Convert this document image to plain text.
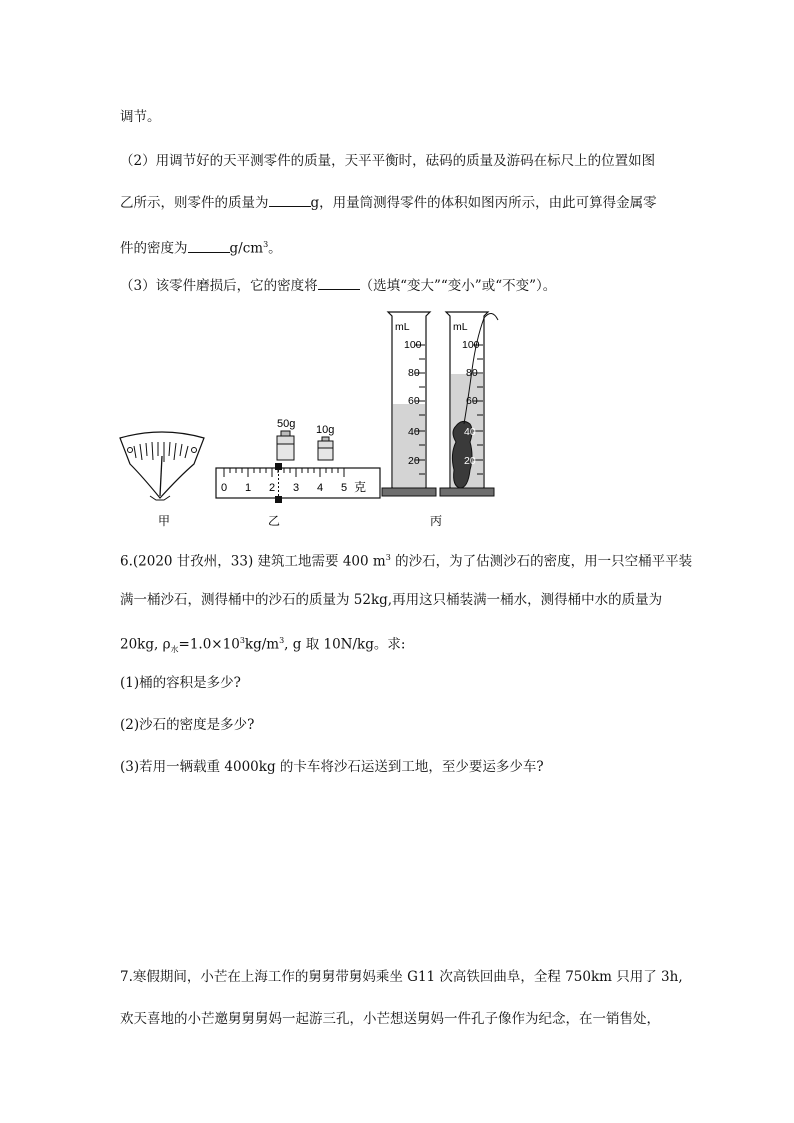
调节。
（2）用调节好的天平测零件的质量，天平平衡时，砝码的质量及游码在标尺上的位置如图
乙所示，则零件的质量为	g，用量筒测得零件的体积如图丙所示，由此可算得金属零
件的密度为	$g/cm^3$。
（3）该零件磨损后，它的密度将	（选填“变大”“变小”或“不变”）。
甲
50g 10g
0 1 2 3 4 5 克
乙
mL
100
80
60
40
20
mL
100
80
60
40
20
丙
6.(2020 甘孜州，33) 建筑工地需要 400 $m^3$ 的沙石，为了估测沙石的密度，用一只空桶平平装
满一桶沙石，测得桶中的沙石的质量为 52kg,再用这只桶装满一桶水，测得桶中水的质量为
20kg, $\rho_水=1.0\times 10^3kg/m^3$, g 取 10N/kg。求:
(1)桶的容积是多少?
(2)沙石的密度是多少?
(3)若用一辆载重 4000kg 的卡车将沙石运送到工地，至少要运多少车?
7.寒假期间，小芒在上海工作的舅舅带舅妈乘坐 G11 次高铁回曲阜，全程 750km 只用了 3h,
欢天喜地的小芒邀舅舅舅妈一起游三孔，小芒想送舅妈一件孔子像作为纪念，在一销售处，
